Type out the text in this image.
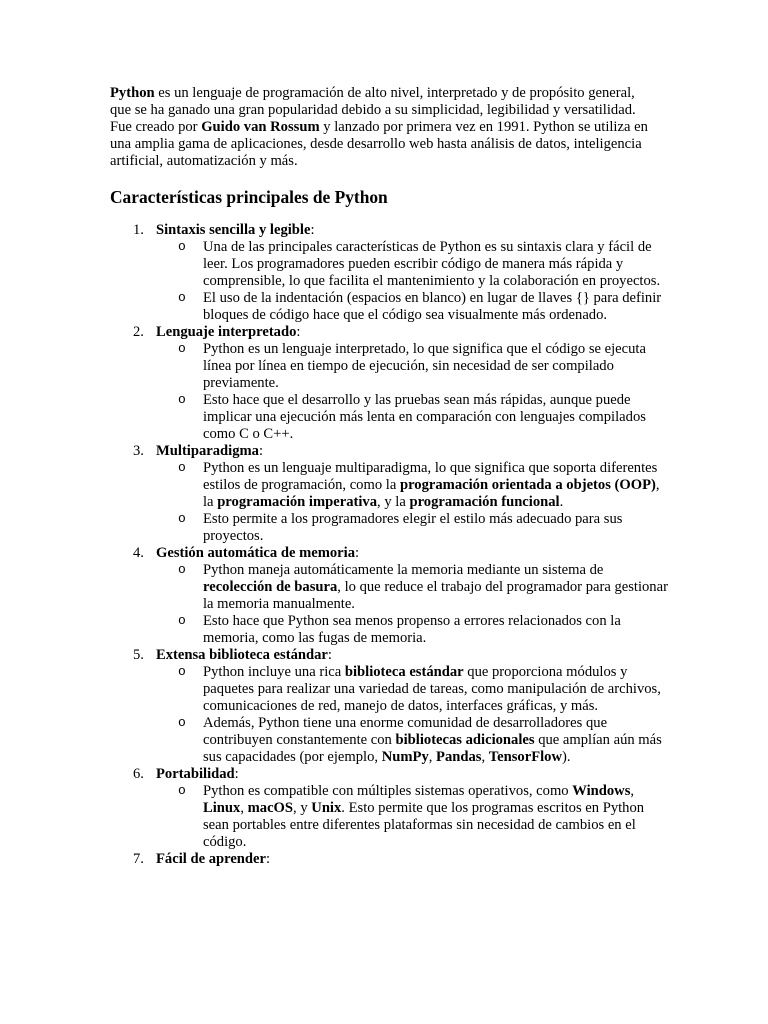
Python es un lenguaje de programación de alto nivel, interpretado y de propósito general, que se ha ganado una gran popularidad debido a su simplicidad, legibilidad y versatilidad. Fue creado por Guido van Rossum y lanzado por primera vez en 1991. Python se utiliza en una amplia gama de aplicaciones, desde desarrollo web hasta análisis de datos, inteligencia artificial, automatización y más.

Características principales de Python
1. Sintaxis sencilla y legible:
o Una de las principales características de Python es su sintaxis clara y fácil de leer. Los programadores pueden escribir código de manera más rápida y comprensible, lo que facilita el mantenimiento y la colaboración en proyectos.
o El uso de la indentación (espacios en blanco) en lugar de llaves {} para definir bloques de código hace que el código sea visualmente más ordenado.
2. Lenguaje interpretado:
o Python es un lenguaje interpretado, lo que significa que el código se ejecuta línea por línea en tiempo de ejecución, sin necesidad de ser compilado previamente.
o Esto hace que el desarrollo y las pruebas sean más rápidas, aunque puede implicar una ejecución más lenta en comparación con lenguajes compilados como C o C++.
3. Multiparadigma:
o Python es un lenguaje multiparadigma, lo que significa que soporta diferentes estilos de programación, como la programación orientada a objetos (OOP), la programación imperativa, y la programación funcional.
o Esto permite a los programadores elegir el estilo más adecuado para sus proyectos.
4. Gestión automática de memoria:
o Python maneja automáticamente la memoria mediante un sistema de recolección de basura, lo que reduce el trabajo del programador para gestionar la memoria manualmente.
o Esto hace que Python sea menos propenso a errores relacionados con la memoria, como las fugas de memoria.
5. Extensa biblioteca estándar:
o Python incluye una rica biblioteca estándar que proporciona módulos y paquetes para realizar una variedad de tareas, como manipulación de archivos, comunicaciones de red, manejo de datos, interfaces gráficas, y más.
o Además, Python tiene una enorme comunidad de desarrolladores que contribuyen constantemente con bibliotecas adicionales que amplían aún más sus capacidades (por ejemplo, NumPy, Pandas, TensorFlow).
6. Portabilidad:
o Python es compatible con múltiples sistemas operativos, como Windows, Linux, macOS, y Unix. Esto permite que los programas escritos en Python sean portables entre diferentes plataformas sin necesidad de cambios en el código.
7. Fácil de aprender:
